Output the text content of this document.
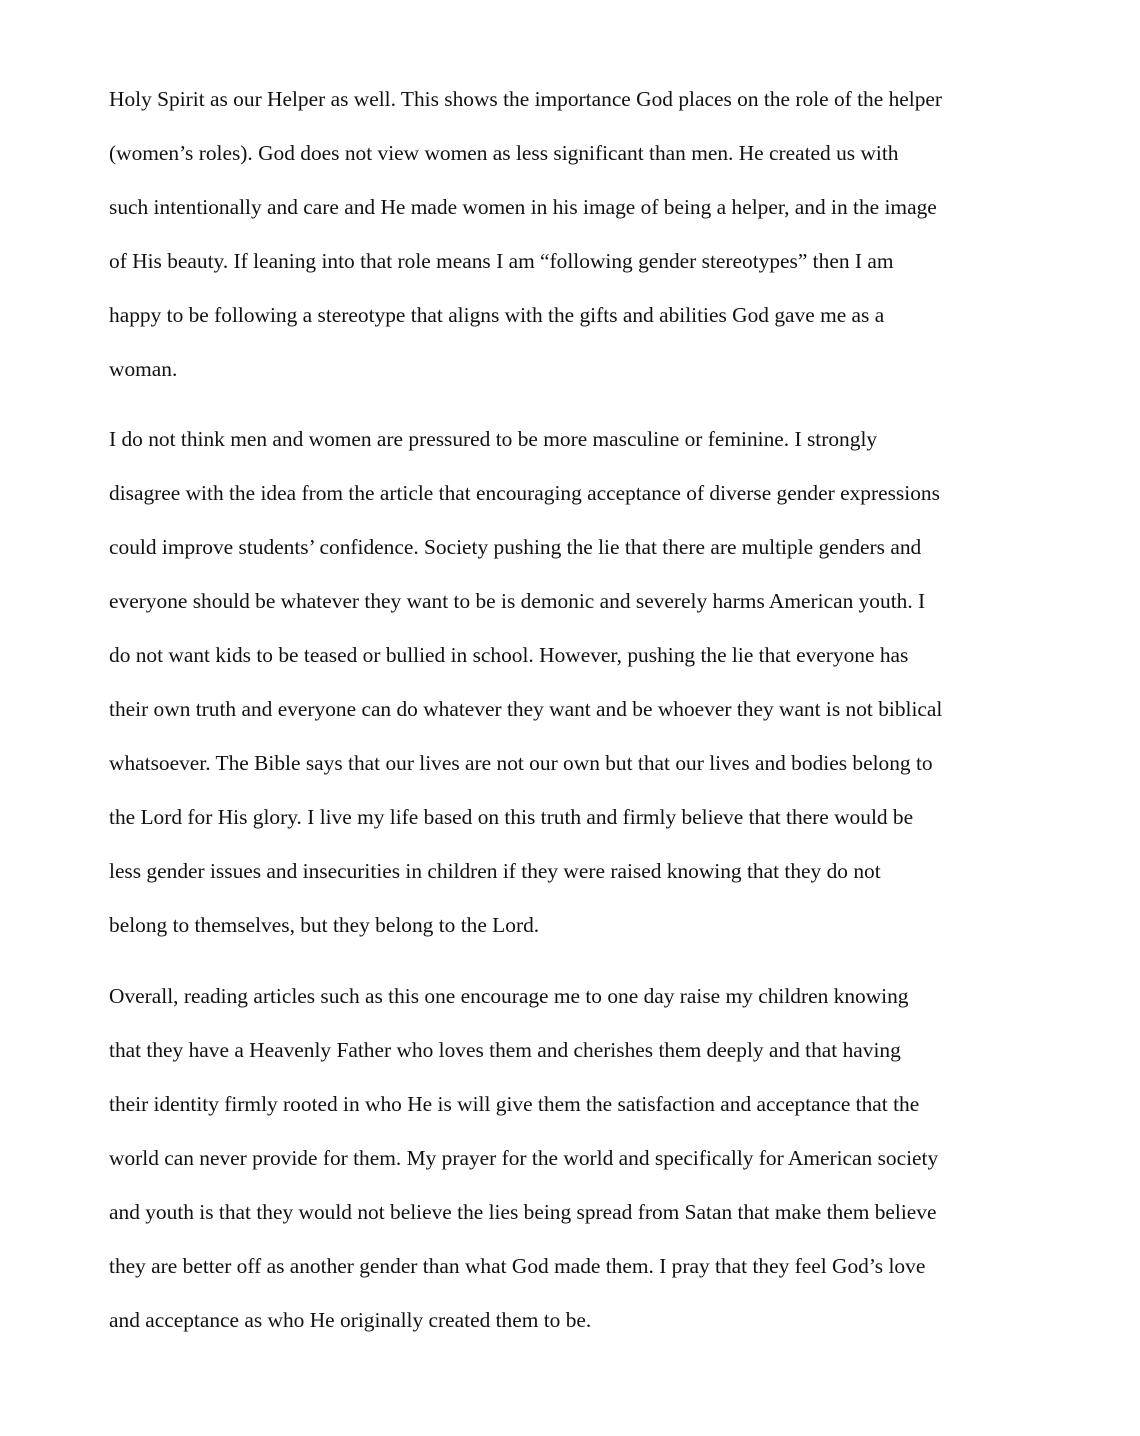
Holy Spirit as our Helper as well. This shows the importance God places on the role of the helper
(women’s roles). God does not view women as less significant than men. He created us with
such intentionally and care and He made women in his image of being a helper, and in the image
of His beauty. If leaning into that role means I am “following gender stereotypes” then I am
happy to be following a stereotype that aligns with the gifts and abilities God gave me as a
woman.

I do not think men and women are pressured to be more masculine or feminine. I strongly
disagree with the idea from the article that encouraging acceptance of diverse gender expressions
could improve students’ confidence. Society pushing the lie that there are multiple genders and
everyone should be whatever they want to be is demonic and severely harms American youth. I
do not want kids to be teased or bullied in school. However, pushing the lie that everyone has
their own truth and everyone can do whatever they want and be whoever they want is not biblical
whatsoever. The Bible says that our lives are not our own but that our lives and bodies belong to
the Lord for His glory. I live my life based on this truth and firmly believe that there would be
less gender issues and insecurities in children if they were raised knowing that they do not
belong to themselves, but they belong to the Lord.

Overall, reading articles such as this one encourage me to one day raise my children knowing
that they have a Heavenly Father who loves them and cherishes them deeply and that having
their identity firmly rooted in who He is will give them the satisfaction and acceptance that the
world can never provide for them. My prayer for the world and specifically for American society
and youth is that they would not believe the lies being spread from Satan that make them believe
they are better off as another gender than what God made them. I pray that they feel God’s love
and acceptance as who He originally created them to be.
